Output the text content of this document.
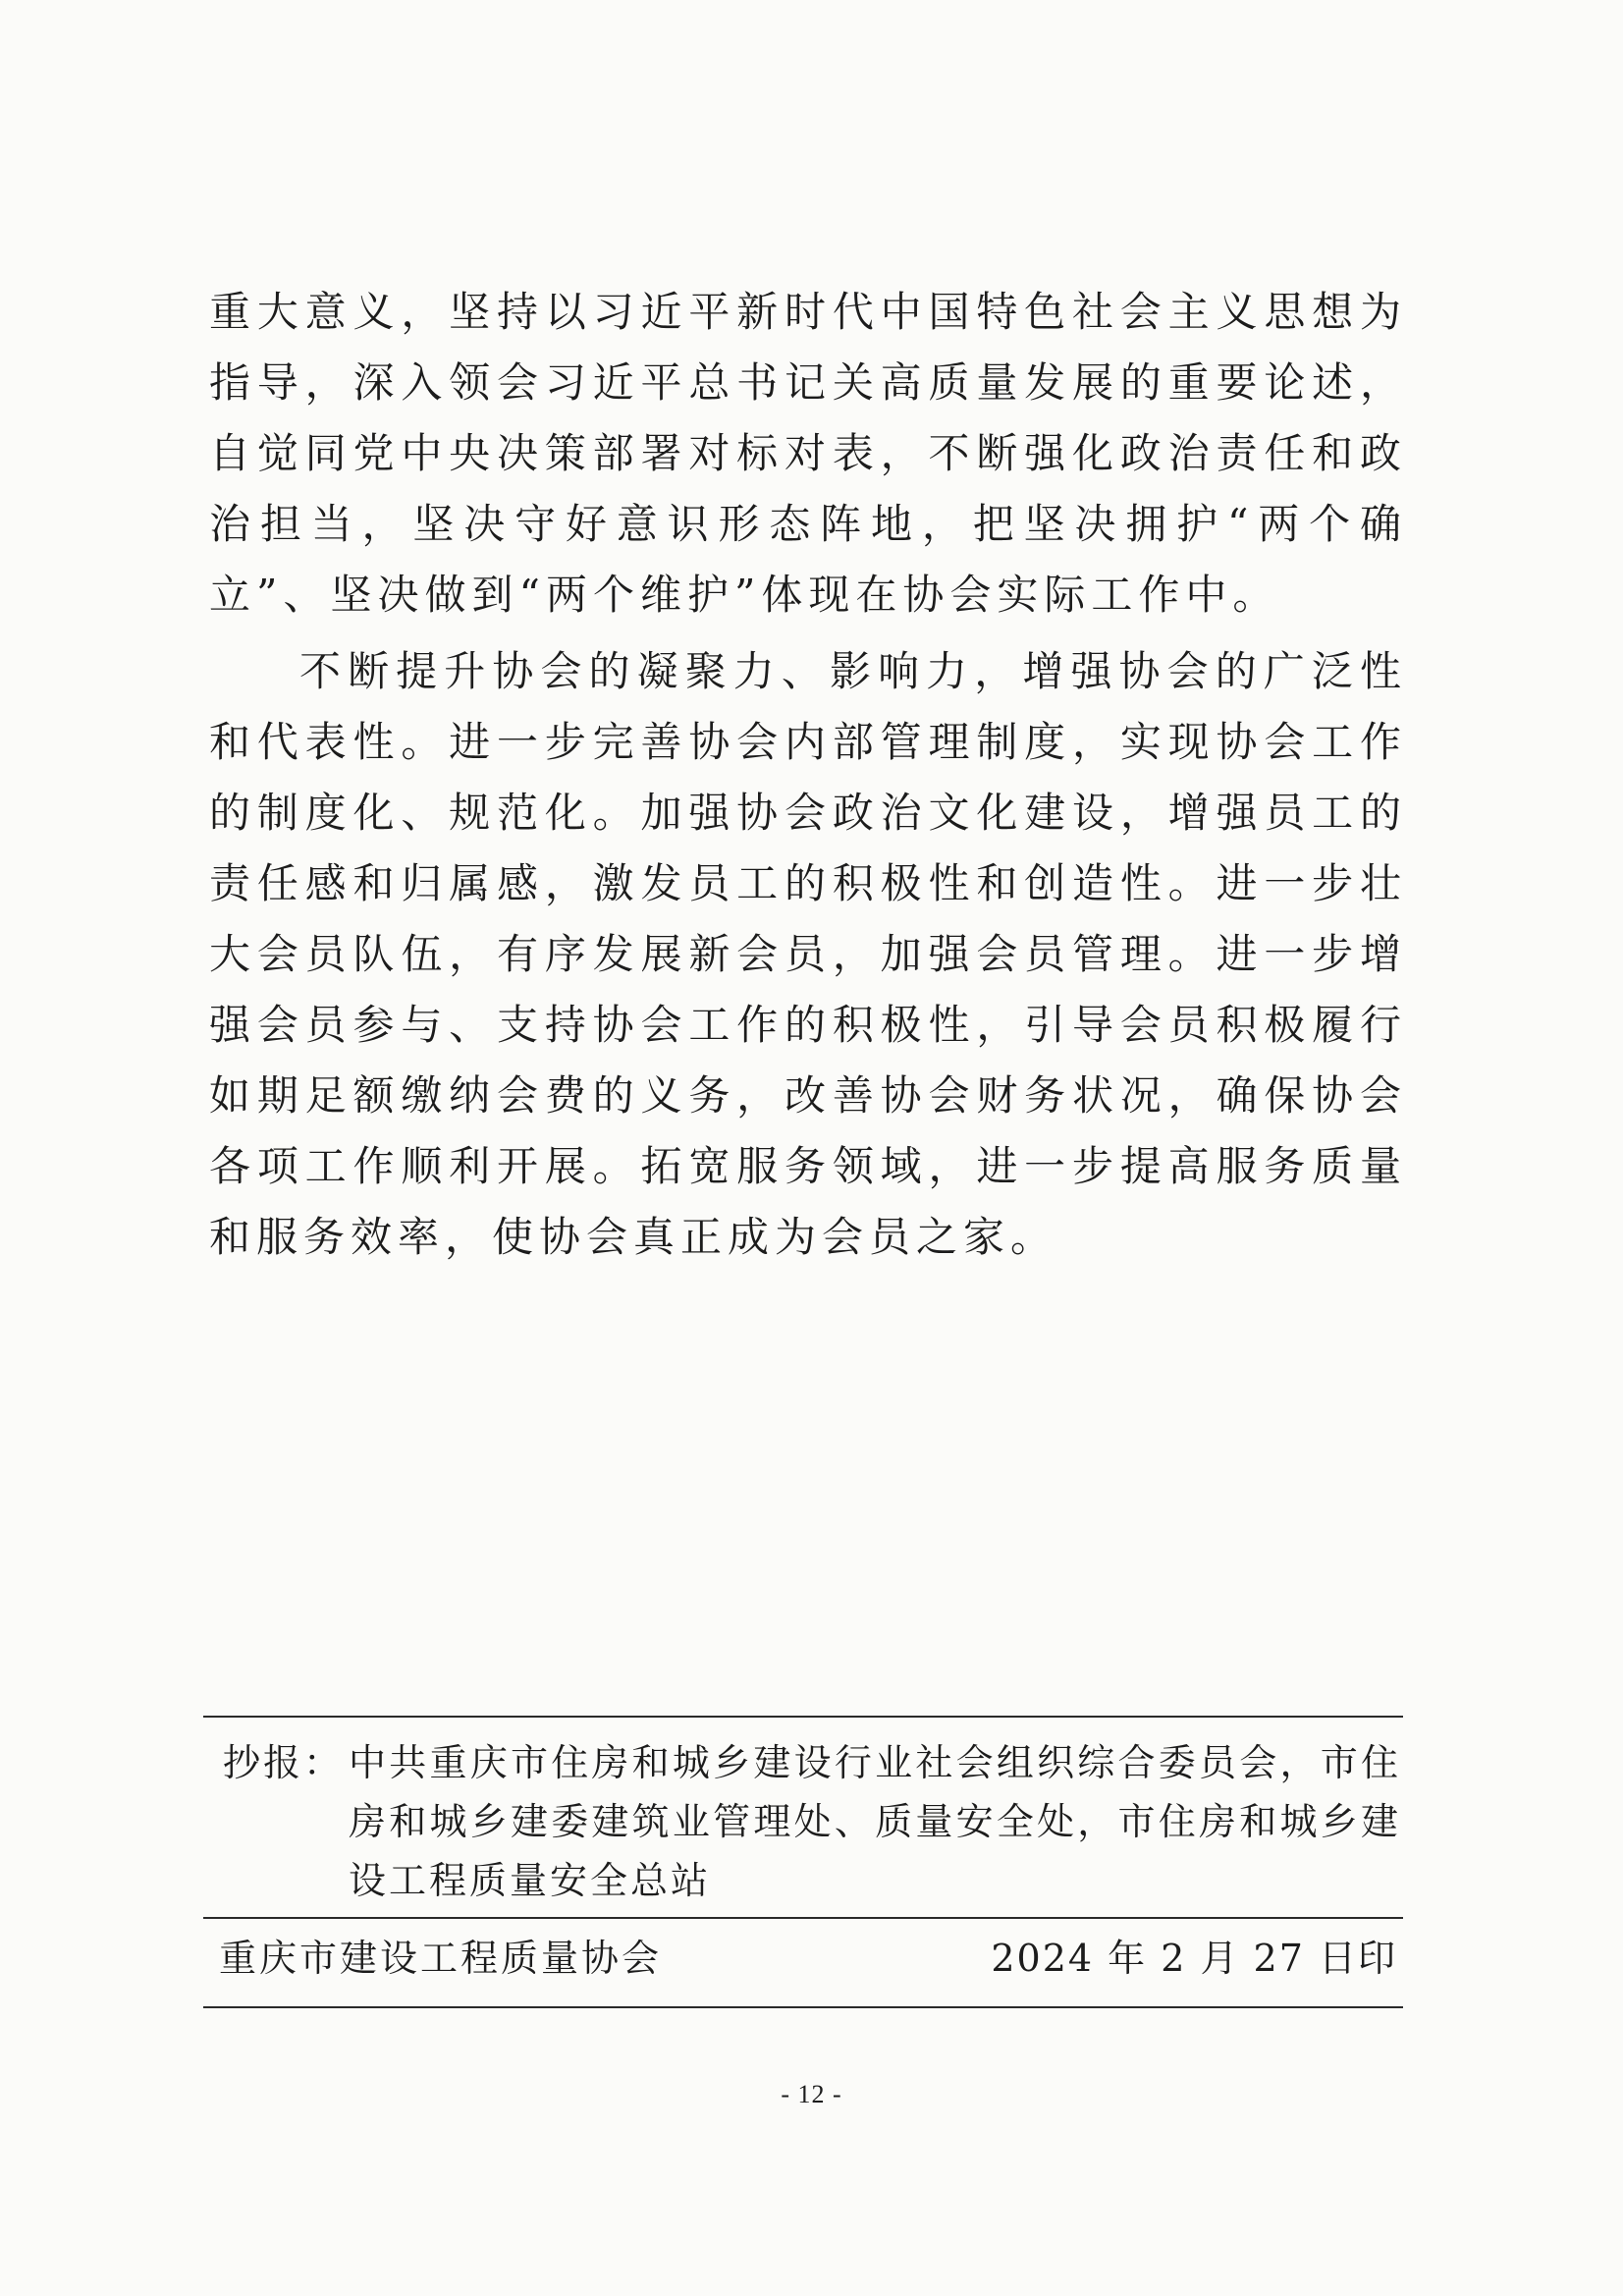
重大意义，坚持以习近平新时代中国特色社会主义思想为指导，深入领会习近平总书记关高质量发展的重要论述，自觉同党中央决策部署对标对表，不断强化政治责任和政治担当，坚决守好意识形态阵地，把坚决拥护“两个确立”、坚决做到“两个维护”体现在协会实际工作中。

不断提升协会的凝聚力、影响力，增强协会的广泛性和代表性。进一步完善协会内部管理制度，实现协会工作的制度化、规范化。加强协会政治文化建设，增强员工的责任感和归属感，激发员工的积极性和创造性。进一步壮大会员队伍，有序发展新会员，加强会员管理。进一步增强会员参与、支持协会工作的积极性，引导会员积极履行如期足额缴纳会费的义务，改善协会财务状况，确保协会各项工作顺利开展。拓宽服务领域，进一步提高服务质量和服务效率，使协会真正成为会员之家。

抄报： 中共重庆市住房和城乡建设行业社会组织综合委员会，市住房和城乡建委建筑业管理处、质量安全处，市住房和城乡建设工程质量安全总站
重庆市建设工程质量协会	2024 年 2 月 27 日印
- 12 -
